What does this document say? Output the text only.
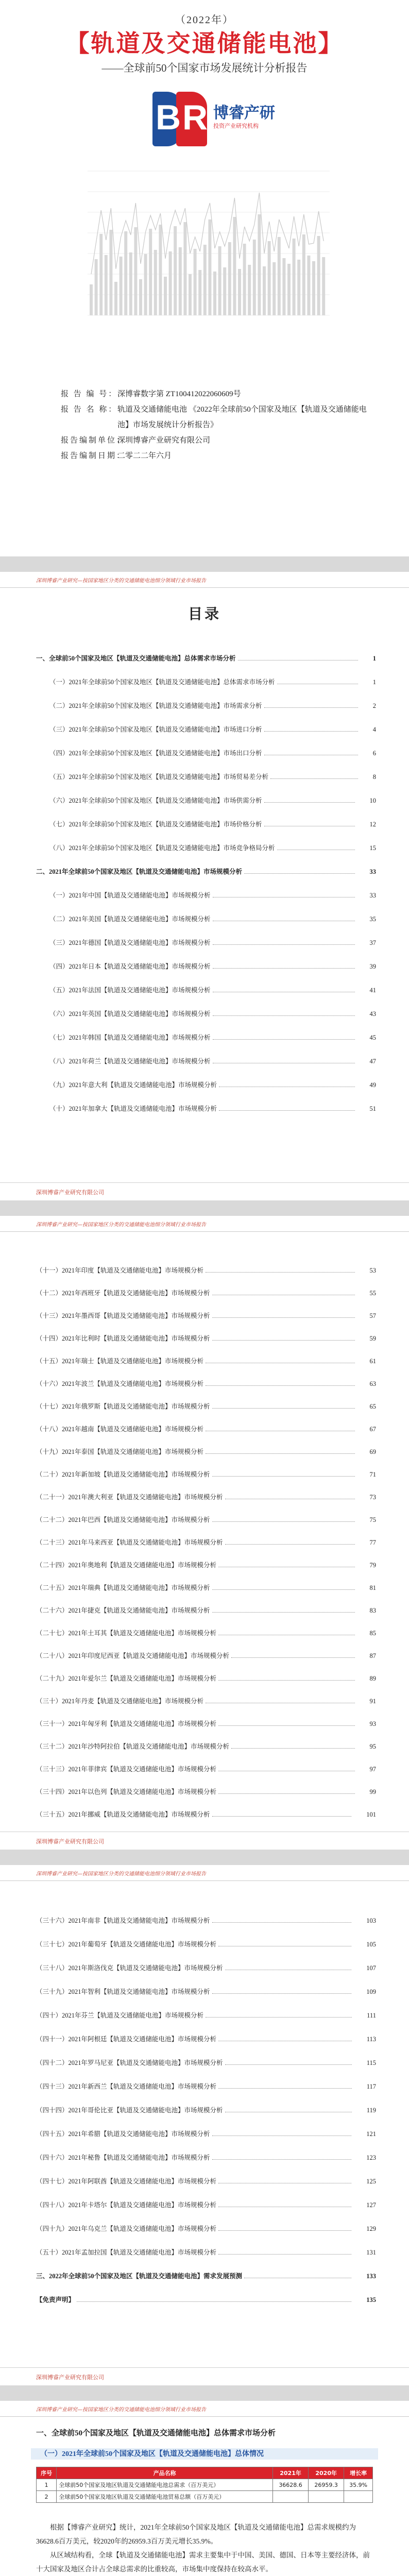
（2022年）
【轨道及交通储能电池】
——全球前50个国家市场发展统计分析报告
B R 博睿产研
投资产业研究机构
报 告 编 号： 深博睿数字第 ZT100412022060609号
报 告 名 称： 轨道及交通储能电池 《2022年全球前50个国家及地区【轨道及交通储能电池】市场发展统计分析报告》
报告编制单位：
深圳博睿产业研究有限公司
报告编制日期：
二零二二年六月
深圳博睿产业研究—按国家地区分类的交通储能电池细分领域行业市场报告
目录
一、全球前50个国家及地区【轨道及交通储能电池】总体需求市场分析	1
（一）2021年全球前50个国家及地区【轨道及交通储能电池】总体需求市场分析	1
（二）2021年全球前50个国家及地区【轨道及交通储能电池】市场需求分析	2
（三）2021年全球前50个国家及地区【轨道及交通储能电池】市场进口分析	4
（四）2021年全球前50个国家及地区【轨道及交通储能电池】市场出口分析	6
（五）2021年全球前50个国家及地区【轨道及交通储能电池】市场贸易差分析	8
（六）2021年全球前50个国家及地区【轨道及交通储能电池】市场供需分析	10
（七）2021年全球前50个国家及地区【轨道及交通储能电池】市场价格分析	12
（八）2021年全球前50个国家及地区【轨道及交通储能电池】市场竞争格局分析	15
二、2021年全球前50个国家及地区【轨道及交通储能电池】市场规模分析	33
（一）2021年中国【轨道及交通储能电池】市场规模分析	33
（二）2021年美国【轨道及交通储能电池】市场规模分析	35
（三）2021年德国【轨道及交通储能电池】市场规模分析	37
（四）2021年日本【轨道及交通储能电池】市场规模分析	39
（五）2021年法国【轨道及交通储能电池】市场规模分析	41
（六）2021年英国【轨道及交通储能电池】市场规模分析	43
（七）2021年韩国【轨道及交通储能电池】市场规模分析	45
（八）2021年荷兰【轨道及交通储能电池】市场规模分析	47
（九）2021年意大利【轨道及交通储能电池】市场规模分析	49
（十）2021年加拿大【轨道及交通储能电池】市场规模分析	51
深圳博睿产业研究有限公司
深圳博睿产业研究—按国家地区分类的交通储能电池细分领域行业市场报告
（十一）2021年印度【轨道及交通储能电池】市场规模分析	53
（十二）2021年西班牙【轨道及交通储能电池】市场规模分析	55
（十三）2021年墨西哥【轨道及交通储能电池】市场规模分析	57
（十四）2021年比利时【轨道及交通储能电池】市场规模分析	59
（十五）2021年瑞士【轨道及交通储能电池】市场规模分析	61
（十六）2021年波兰【轨道及交通储能电池】市场规模分析	63
（十七）2021年俄罗斯【轨道及交通储能电池】市场规模分析	65
（十八）2021年越南【轨道及交通储能电池】市场规模分析	67
（十九）2021年泰国【轨道及交通储能电池】市场规模分析	69
（二十）2021年新加坡【轨道及交通储能电池】市场规模分析	71
（二十一）2021年澳大利亚【轨道及交通储能电池】市场规模分析	73
（二十二）2021年巴西【轨道及交通储能电池】市场规模分析	75
（二十三）2021年马来西亚【轨道及交通储能电池】市场规模分析	77
（二十四）2021年奥地利【轨道及交通储能电池】市场规模分析	79
（二十五）2021年瑞典【轨道及交通储能电池】市场规模分析	81
（二十六）2021年捷克【轨道及交通储能电池】市场规模分析	83
（二十七）2021年土耳其【轨道及交通储能电池】市场规模分析	85
（二十八）2021年印度尼西亚【轨道及交通储能电池】市场规模分析	87
（二十九）2021年爱尔兰【轨道及交通储能电池】市场规模分析	89
（三十）2021年丹麦【轨道及交通储能电池】市场规模分析	91
（三十一）2021年匈牙利【轨道及交通储能电池】市场规模分析	93
（三十二）2021年沙特阿拉伯【轨道及交通储能电池】市场规模分析	95
（三十三）2021年菲律宾【轨道及交通储能电池】市场规模分析	97
（三十四）2021年以色列【轨道及交通储能电池】市场规模分析	99
（三十五）2021年挪威【轨道及交通储能电池】市场规模分析	101
深圳博睿产业研究有限公司
深圳博睿产业研究—按国家地区分类的交通储能电池细分领域行业市场报告
（三十六）2021年南非【轨道及交通储能电池】市场规模分析	103
（三十七）2021年葡萄牙【轨道及交通储能电池】市场规模分析	105
（三十八）2021年斯洛伐克【轨道及交通储能电池】市场规模分析	107
（三十九）2021年智利【轨道及交通储能电池】市场规模分析	109
（四十）2021年芬兰【轨道及交通储能电池】市场规模分析	111
（四十一）2021年阿根廷【轨道及交通储能电池】市场规模分析	113
（四十二）2021年罗马尼亚【轨道及交通储能电池】市场规模分析	115
（四十三）2021年新西兰【轨道及交通储能电池】市场规模分析	117
（四十四）2021年哥伦比亚【轨道及交通储能电池】市场规模分析	119
（四十五）2021年希腊【轨道及交通储能电池】市场规模分析	121
（四十六）2021年秘鲁【轨道及交通储能电池】市场规模分析	123
（四十七）2021年阿联酋【轨道及交通储能电池】市场规模分析	125
（四十八）2021年卡塔尔【轨道及交通储能电池】市场规模分析	127
（四十九）2021年乌克兰【轨道及交通储能电池】市场规模分析	129
（五十）2021年孟加拉国【轨道及交通储能电池】市场规模分析	131
三、2022年全球前50个国家及地区【轨道及交通储能电池】需求发展预测	133
【免责声明】	135
深圳博睿产业研究有限公司
深圳博睿产业研究—按国家地区分类的交通储能电池细分领域行业市场报告
一、全球前50个国家及地区【轨道及交通储能电池】总体需求市场分析
（一）2021年全球前50个国家及地区【轨道及交通储能电池】总体情况
序号	产品名称	2021年	2020年	增长率
1	全球前50个国家及地区轨道及交通储能电池总需求（百万美元）	36628.6	26959.3	35.9%
2	全球前50个国家及地区轨道及交通储能电池贸易总额（百万美元）			

根据【博睿产业研究】统计，2021年全球前50个国家及地区【轨道及交通储能电池】总需求规模约为36628.6百万美元，较2020年的26959.3百万美元增长35.9%。

从区域结构看，全球【轨道及交通储能电池】需求主要集中于中国、美国、德国、日本等主要经济体，前十大国家及地区合计占全球总需求的比重较高，市场集中度保持在较高水平。
